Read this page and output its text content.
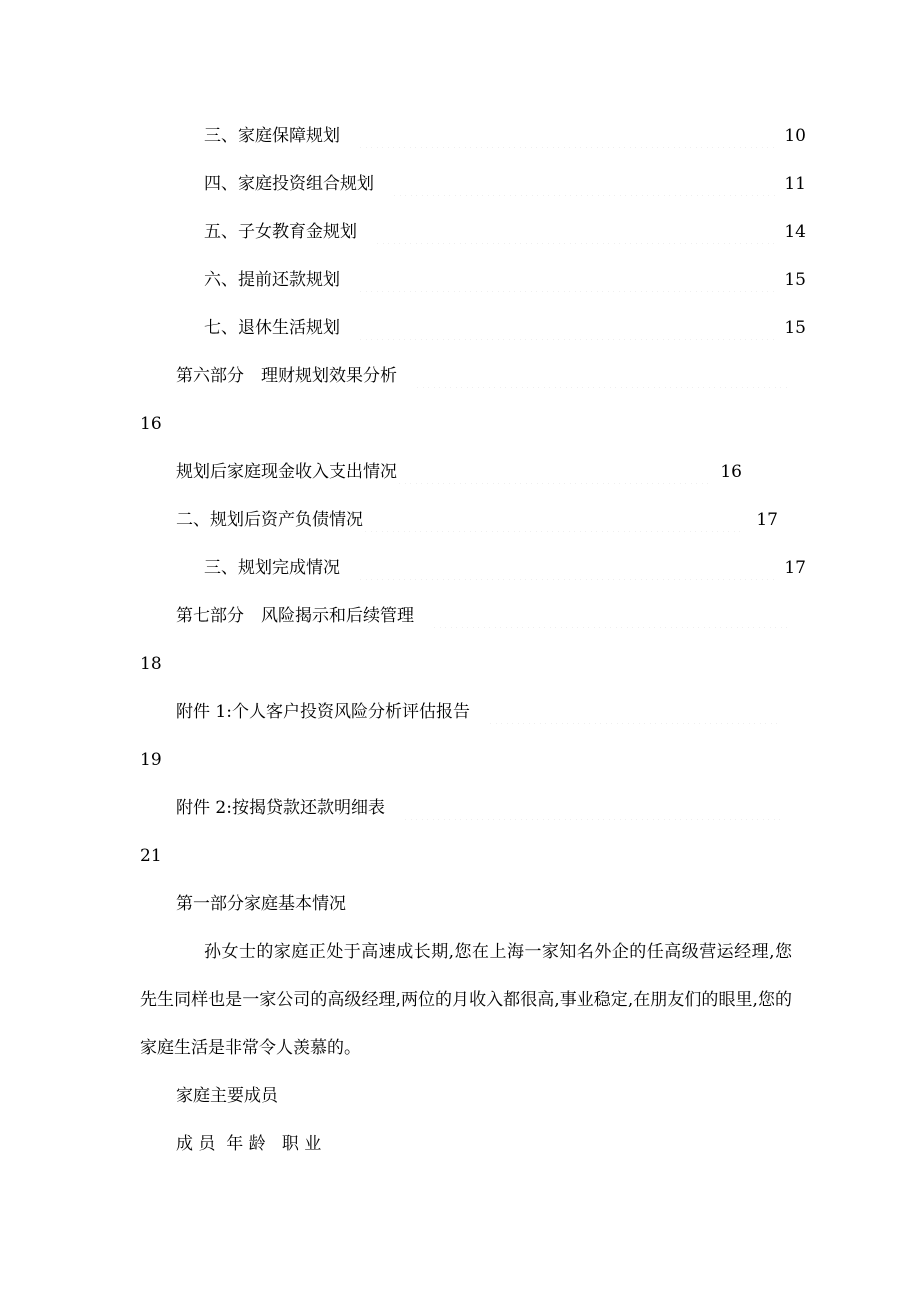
三、家庭保障规划	10
四、家庭投资组合规划	11
五、子女教育金规划	14
六、提前还款规划	15
七、退休生活规划	15
第六部分　理财规划效果分析
16
规划后家庭现金收入支出情况	16
二、规划后资产负债情况	17
三、规划完成情况	17
第七部分　风险揭示和后续管理
18
附件 1:个人客户投资风险分析评估报告
19
附件 2:按揭贷款还款明细表
21
第一部分家庭基本情况
孙女士的家庭正处于高速成长期,您在上海一家知名外企的任高级营运经理,您先生同样也是一家公司的高级经理,两位的月收入都很高,事业稳定,在朋友们的眼里,您的家庭生活是非常令人羡慕的。
家庭主要成员
成 员  年 龄   职 业
